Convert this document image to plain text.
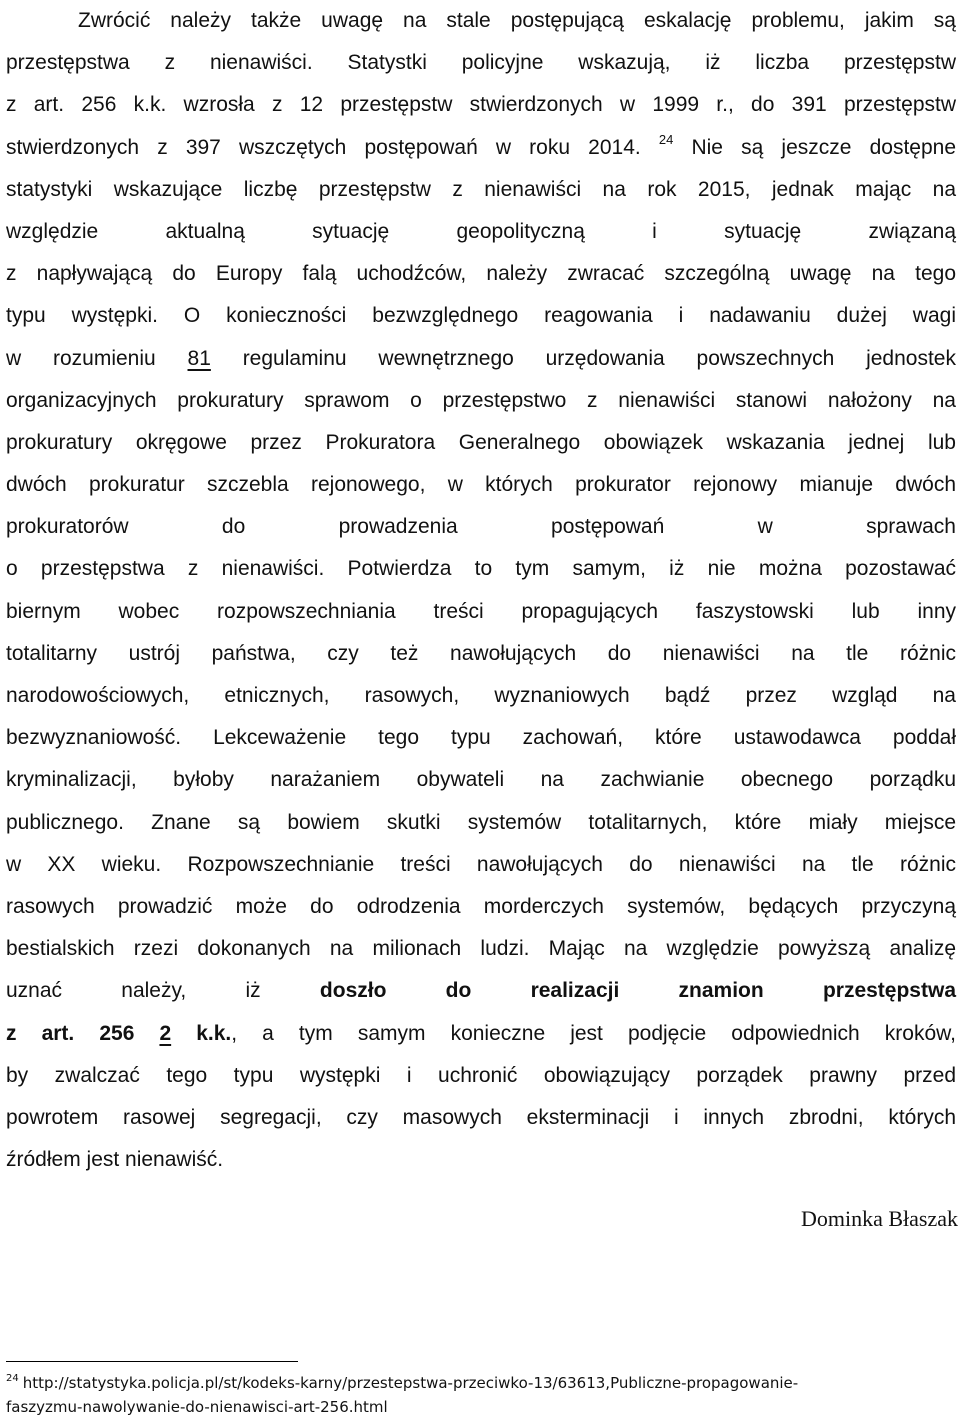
Zwrócić należy także uwagę na stale postępującą eskalację problemu, jakim są
przestępstwa z nienawiści. Statystki policyjne wskazują, iż liczba przestępstw
z art. 256 k.k. wzrosła z 12 przestępstw stwierdzonych w 1999 r., do 391 przestępstw
stwierdzonych z 397 wszczętych postępowań w roku 2014. $^{24}$ Nie są jeszcze dostępne
statystyki wskazujące liczbę przestępstw z nienawiści na rok 2015, jednak mając na
względzie aktualną sytuację geopolityczną i sytuację związaną
z napływającą do Europy falą uchodźców, należy zwracać szczególną uwagę na tego
typu występki. O konieczności bezwzględnego reagowania i nadawaniu dużej wagi
w rozumieniu 81 regulaminu wewnętrznego urzędowania powszechnych jednostek
organizacyjnych prokuratury sprawom o przestępstwo z nienawiści stanowi nałożony na
prokuratury okręgowe przez Prokuratora Generalnego obowiązek wskazania jednej lub
dwóch prokuratur szczebla rejonowego, w których prokurator rejonowy mianuje dwóch
prokuratorów do prowadzenia postępowań w sprawach
o przestępstwa z nienawiści. Potwierdza to tym samym, iż nie można pozostawać
biernym wobec rozpowszechniania treści propagujących faszystowski lub inny
totalitarny ustrój państwa, czy też nawołujących do nienawiści na tle różnic
narodowościowych, etnicznych, rasowych, wyznaniowych bądź przez wzgląd na
bezwyznaniowość. Lekceważenie tego typu zachowań, które ustawodawca poddał
kryminalizacji, byłoby narażaniem obywateli na zachwianie obecnego porządku
publicznego. Znane są bowiem skutki systemów totalitarnych, które miały miejsce
w XX wieku. Rozpowszechnianie treści nawołujących do nienawiści na tle różnic
rasowych prowadzić może do odrodzenia morderczych systemów, będących przyczyną
bestialskich rzezi dokonanych na milionach ludzi. Mając na względzie powyższą analizę
uznać należy, iż doszło do realizacji znamion przestępstwa
z art. 256 2 k.k., a tym samym konieczne jest podjęcie odpowiednich kroków,
by zwalczać tego typu występki i uchronić obowiązujący porządek prawny przed
powrotem rasowej segregacji, czy masowych eksterminacji i innych zbrodni, których
źródłem jest nienawiść.
Dominka Błaszak
$^{24}$ http://statystyka.policja.pl/st/kodeks-karny/przestepstwa-przeciwko-13/63613,Publiczne-propagowanie-
faszyzmu-nawolywanie-do-nienawisci-art-256.html
